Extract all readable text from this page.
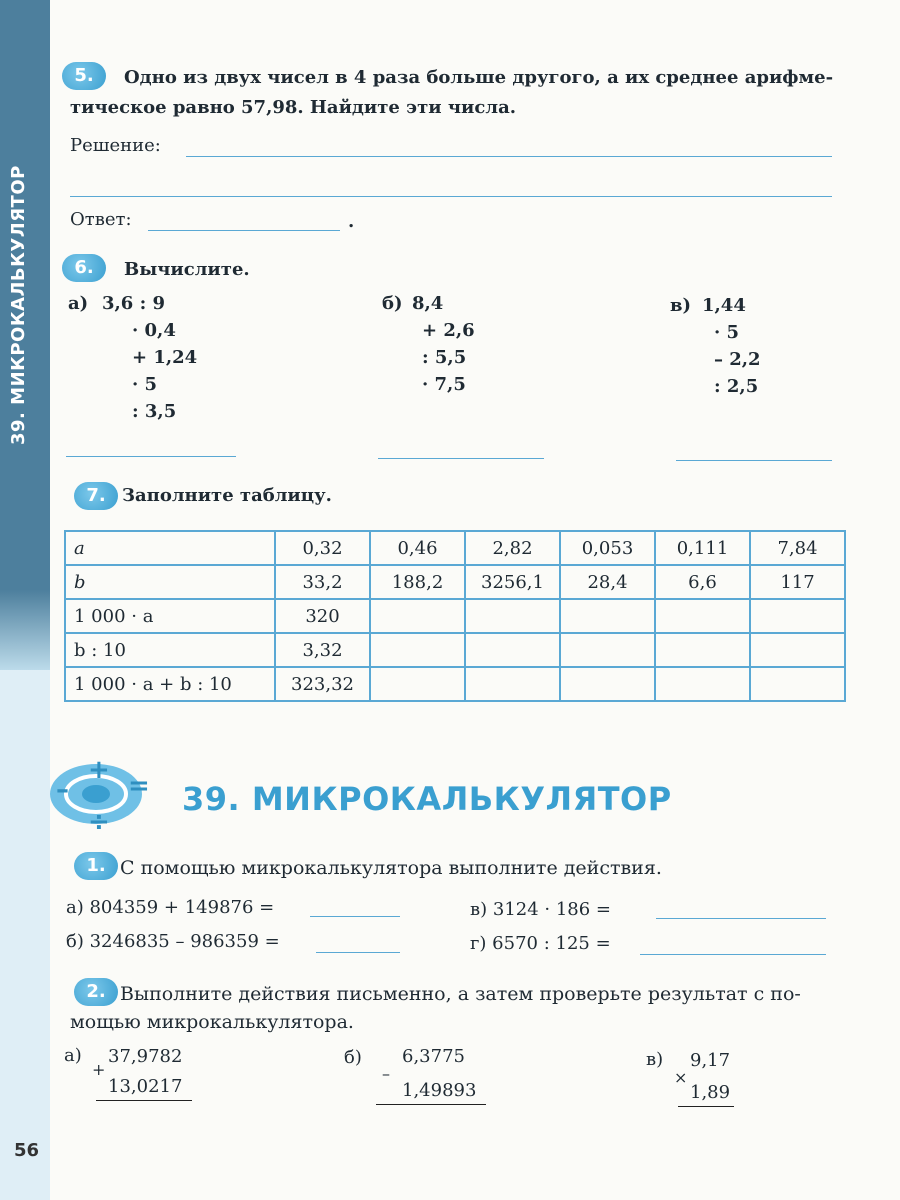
56
5.	Одно из двух чисел в 4 раза больше другого, а их среднее арифме-
тическое равно 57,98. Найдите эти числа.
Решение:
Ответ:	.
6.	Вычислите.
а) 3,6 : 9
· 0,4
+ 1,24
· 5
: 3,5
б) 8,4
+ 2,6
: 5,5
· 7,5
в) 1,44
· 5
– 2,2
: 2,5
7. Заполните таблицу.
a	0,32	0,46	2,82	0,053	0,111	7,84
b	33,2	188,2	3256,1	28,4	6,6	117
1 000 · a	320					
b : 10	3,32					
1 000 · a + b : 10	323,32					
+
– =
÷
39. МИКРОКАЛЬКУЛЯТОР
1. С помощью микрокалькулятора выполните действия.
а) 804359 + 149876 =
б) 3246835 – 986359 =
в) 3124 · 186 =
г) 6570 : 125 =
2. Выполните действия письменно, а затем проверьте результат с по-
мощью микрокалькулятора.
а)
+
37,9782
13,0217
б)
–
6,3775
1,49893
в)
×
9,17
1,89
